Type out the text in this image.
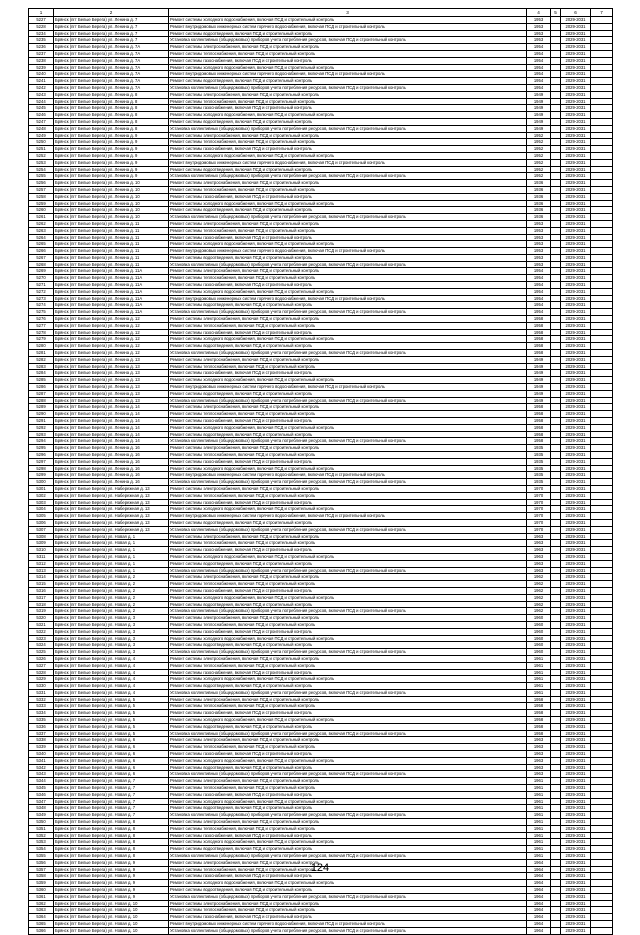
1	2	3	4	5	6	7
5227	Брянск (пгт Белые Берега) ул. Ленина д. 7	Ремонт системы холодного водоснабжения, включая ПСД и строительный контроль	1953		2029-2031	
5228	Брянск (пгт Белые Берега) ул. Ленина д. 7	Ремонт внутридомовых инженерных систем горячего водоснабжения, включая ПСД и строительный контроль	1953		2029-2031	
5234	Брянск (пгт Белые Берега) ул. Ленина д. 7	Ремонт системы водоотведения, включая ПСД и строительный контроль	1953		2029-2031	
5235	Брянск (пгт Белые Берега) ул. Ленина д. 7	Установка коллективных (общедомовых) приборов учета потребления ресурсов, включая ПСД и строительный контроль	1953		2029-2031	
5236	Брянск (пгт Белые Берега) ул. Ленина д. 7А	Ремонт системы электроснабжения, включая ПСД и строительный контроль	1954		2029-2031	
5237	Брянск (пгт Белые Берега) ул. Ленина д. 7А	Ремонт системы теплоснабжения, включая ПСД и строительный контроль	1954		2029-2031	
5238	Брянск (пгт Белые Берега) ул. Ленина д. 7А	Ремонт системы газоснабжения, включая ПСД и строительный контроль	1954		2029-2031	
5239	Брянск (пгт Белые Берега) ул. Ленина д. 7А	Ремонт системы холодного водоснабжения, включая ПСД и строительный контроль	1954		2029-2031	
5240	Брянск (пгт Белые Берега) ул. Ленина д. 7А	Ремонт внутридомовых инженерных систем горячего водоснабжения, включая ПСД и строительный контроль	1954		2029-2031	
5241	Брянск (пгт Белые Берега) ул. Ленина д. 7А	Ремонт системы водоотведения, включая ПСД и строительный контроль	1954		2029-2031	
5242	Брянск (пгт Белые Берега) ул. Ленина д. 7А	Установка коллективных (общедомовых) приборов учета потребления ресурсов, включая ПСД и строительный контроль	1954		2029-2031	
5243	Брянск (пгт Белые Берега) ул. Ленина д. 8	Ремонт системы электроснабжения, включая ПСД и строительный контроль	1949		2029-2031	
5244	Брянск (пгт Белые Берега) ул. Ленина д. 8	Ремонт системы теплоснабжения, включая ПСД и строительный контроль	1949		2029-2031	
5245	Брянск (пгт Белые Берега) ул. Ленина д. 8	Ремонт системы газоснабжения, включая ПСД и строительный контроль	1949		2029-2031	
5246	Брянск (пгт Белые Берега) ул. Ленина д. 8	Ремонт системы холодного водоснабжения, включая ПСД и строительный контроль	1949		2029-2031	
5247	Брянск (пгт Белые Берега) ул. Ленина д. 8	Ремонт системы водоотведения, включая ПСД и строительный контроль	1949		2029-2031	
5248	Брянск (пгт Белые Берега) ул. Ленина д. 8	Установка коллективных (общедомовых) приборов учета потребления ресурсов, включая ПСД и строительный контроль	1949		2029-2031	
5249	Брянск (пгт Белые Берега) ул. Ленина д. 9	Ремонт системы электроснабжения, включая ПСД и строительный контроль	1952		2029-2031	
5250	Брянск (пгт Белые Берега) ул. Ленина д. 9	Ремонт системы теплоснабжения, включая ПСД и строительный контроль	1952		2029-2031	
5251	Брянск (пгт Белые Берега) ул. Ленина д. 9	Ремонт системы газоснабжения, включая ПСД и строительный контроль	1952		2029-2031	
5252	Брянск (пгт Белые Берега) ул. Ленина д. 9	Ремонт системы холодного водоснабжения, включая ПСД и строительный контроль	1952		2029-2031	
5253	Брянск (пгт Белые Берега) ул. Ленина д. 9	Ремонт внутридомовых инженерных систем горячего водоснабжения, включая ПСД и строительный контроль	1952		2029-2031	
5254	Брянск (пгт Белые Берега) ул. Ленина д. 9	Ремонт системы водоотведения, включая ПСД и строительный контроль	1952		2029-2031	
5255	Брянск (пгт Белые Берега) ул. Ленина д. 9	Установка коллективных (общедомовых) приборов учета потребления ресурсов, включая ПСД и строительный контроль	1952		2029-2031	
5256	Брянск (пгт Белые Берега) ул. Ленина д. 10	Ремонт системы электроснабжения, включая ПСД и строительный контроль	1936		2029-2031	
5257	Брянск (пгт Белые Берега) ул. Ленина д. 10	Ремонт системы теплоснабжения, включая ПСД и строительный контроль	1936		2029-2031	
5258	Брянск (пгт Белые Берега) ул. Ленина д. 10	Ремонт системы газоснабжения, включая ПСД и строительный контроль	1936		2029-2031	
5259	Брянск (пгт Белые Берега) ул. Ленина д. 10	Ремонт системы холодного водоснабжения, включая ПСД и строительный контроль	1936		2029-2031	
5260	Брянск (пгт Белые Берега) ул. Ленина д. 10	Ремонт системы водоотведения, включая ПСД и строительный контроль	1936		2029-2031	
5261	Брянск (пгт Белые Берега) ул. Ленина д. 10	Установка коллективных (общедомовых) приборов учета потребления ресурсов, включая ПСД и строительный контроль	1936		2029-2031	
5262	Брянск (пгт Белые Берега) ул. Ленина д. 11	Ремонт системы электроснабжения, включая ПСД и строительный контроль	1953		2029-2031	
5263	Брянск (пгт Белые Берега) ул. Ленина д. 11	Ремонт системы теплоснабжения, включая ПСД и строительный контроль	1953		2029-2031	
5264	Брянск (пгт Белые Берега) ул. Ленина д. 11	Ремонт системы газоснабжения, включая ПСД и строительный контроль	1953		2029-2031	
5265	Брянск (пгт Белые Берега) ул. Ленина д. 11	Ремонт системы холодного водоснабжения, включая ПСД и строительный контроль	1953		2029-2031	
5266	Брянск (пгт Белые Берега) ул. Ленина д. 11	Ремонт внутридомовых инженерных систем горячего водоснабжения, включая ПСД и строительный контроль	1953		2029-2031	
5267	Брянск (пгт Белые Берега) ул. Ленина д. 11	Ремонт системы водоотведения, включая ПСД и строительный контроль	1953		2029-2031	
5268	Брянск (пгт Белые Берега) ул. Ленина д. 11	Установка коллективных (общедомовых) приборов учета потребления ресурсов, включая ПСД и строительный контроль	1953		2029-2031	
5269	Брянск (пгт Белые Берега) ул. Ленина д. 11А	Ремонт системы электроснабжения, включая ПСД и строительный контроль	1954		2029-2031	
5270	Брянск (пгт Белые Берега) ул. Ленина д. 11А	Ремонт системы теплоснабжения, включая ПСД и строительный контроль	1954		2029-2031	
5271	Брянск (пгт Белые Берега) ул. Ленина д. 11А	Ремонт системы газоснабжения, включая ПСД и строительный контроль	1954		2029-2031	
5272	Брянск (пгт Белые Берега) ул. Ленина д. 11А	Ремонт системы холодного водоснабжения, включая ПСД и строительный контроль	1954		2029-2031	
5273	Брянск (пгт Белые Берега) ул. Ленина д. 11А	Ремонт внутридомовых инженерных систем горячего водоснабжения, включая ПСД и строительный контроль	1954		2029-2031	
5274	Брянск (пгт Белые Берега) ул. Ленина д. 11А	Ремонт системы водоотведения, включая ПСД и строительный контроль	1954		2029-2031	
5275	Брянск (пгт Белые Берега) ул. Ленина д. 11А	Установка коллективных (общедомовых) приборов учета потребления ресурсов, включая ПСД и строительный контроль	1954		2029-2031	
5276	Брянск (пгт Белые Берега) ул. Ленина д. 12	Ремонт системы электроснабжения, включая ПСД и строительный контроль	1958		2029-2031	
5277	Брянск (пгт Белые Берега) ул. Ленина д. 12	Ремонт системы теплоснабжения, включая ПСД и строительный контроль	1958		2029-2031	
5278	Брянск (пгт Белые Берега) ул. Ленина д. 12	Ремонт системы газоснабжения, включая ПСД и строительный контроль	1958		2029-2031	
5279	Брянск (пгт Белые Берега) ул. Ленина д. 12	Ремонт системы холодного водоснабжения, включая ПСД и строительный контроль	1958		2029-2031	
5280	Брянск (пгт Белые Берега) ул. Ленина д. 12	Ремонт системы водоотведения, включая ПСД и строительный контроль	1958		2029-2031	
5281	Брянск (пгт Белые Берега) ул. Ленина д. 12	Установка коллективных (общедомовых) приборов учета потребления ресурсов, включая ПСД и строительный контроль	1958		2029-2031	
5282	Брянск (пгт Белые Берега) ул. Ленина д. 13	Ремонт системы электроснабжения, включая ПСД и строительный контроль	1949		2029-2031	
5283	Брянск (пгт Белые Берега) ул. Ленина д. 13	Ремонт системы теплоснабжения, включая ПСД и строительный контроль	1949		2029-2031	
5284	Брянск (пгт Белые Берега) ул. Ленина д. 13	Ремонт системы газоснабжения, включая ПСД и строительный контроль	1949		2029-2031	
5285	Брянск (пгт Белые Берега) ул. Ленина д. 13	Ремонт системы холодного водоснабжения, включая ПСД и строительный контроль	1949		2029-2031	
5286	Брянск (пгт Белые Берега) ул. Ленина д. 13	Ремонт внутридомовых инженерных систем горячего водоснабжения, включая ПСД и строительный контроль	1949		2029-2031	
5287	Брянск (пгт Белые Берега) ул. Ленина д. 13	Ремонт системы водоотведения, включая ПСД и строительный контроль	1949		2029-2031	
5288	Брянск (пгт Белые Берега) ул. Ленина д. 13	Установка коллективных (общедомовых) приборов учета потребления ресурсов, включая ПСД и строительный контроль	1949		2029-2031	
5289	Брянск (пгт Белые Берега) ул. Ленина д. 14	Ремонт системы электроснабжения, включая ПСД и строительный контроль	1958		2029-2031	
5290	Брянск (пгт Белые Берега) ул. Ленина д. 14	Ремонт системы теплоснабжения, включая ПСД и строительный контроль	1958		2029-2031	
5291	Брянск (пгт Белые Берега) ул. Ленина д. 14	Ремонт системы газоснабжения, включая ПСД и строительный контроль	1958		2029-2031	
5292	Брянск (пгт Белые Берега) ул. Ленина д. 14	Ремонт системы холодного водоснабжения, включая ПСД и строительный контроль	1958		2029-2031	
5293	Брянск (пгт Белые Берега) ул. Ленина д. 14	Ремонт системы водоотведения, включая ПСД и строительный контроль	1958		2029-2031	
5294	Брянск (пгт Белые Берега) ул. Ленина д. 14	Установка коллективных (общедомовых) приборов учета потребления ресурсов, включая ПСД и строительный контроль	1958		2029-2031	
5295	Брянск (пгт Белые Берега) ул. Ленина д. 16	Ремонт системы электроснабжения, включая ПСД и строительный контроль	1935		2029-2031	
5296	Брянск (пгт Белые Берега) ул. Ленина д. 16	Ремонт системы теплоснабжения, включая ПСД и строительный контроль	1935		2029-2031	
5297	Брянск (пгт Белые Берега) ул. Ленина д. 16	Ремонт системы газоснабжения, включая ПСД и строительный контроль	1935		2029-2031	
5298	Брянск (пгт Белые Берега) ул. Ленина д. 16	Ремонт системы холодного водоснабжения, включая ПСД и строительный контроль	1935		2029-2031	
5299	Брянск (пгт Белые Берега) ул. Ленина д. 16	Ремонт внутридомовых инженерных систем горячего водоснабжения, включая ПСД и строительный контроль	1935		2029-2031	
5300	Брянск (пгт Белые Берега) ул. Ленина д. 16	Установка коллективных (общедомовых) приборов учета потребления ресурсов, включая ПСД и строительный контроль	1935		2029-2031	
5301	Брянск (пгт Белые Берега) ул. Набережная д. 13	Ремонт системы электроснабжения, включая ПСД и строительный контроль	1970		2029-2031	
5302	Брянск (пгт Белые Берега) ул. Набережная д. 13	Ремонт системы теплоснабжения, включая ПСД и строительный контроль	1970		2029-2031	
5303	Брянск (пгт Белые Берега) ул. Набережная д. 13	Ремонт системы газоснабжения, включая ПСД и строительный контроль	1970		2029-2031	
5304	Брянск (пгт Белые Берега) ул. Набережная д. 13	Ремонт системы холодного водоснабжения, включая ПСД и строительный контроль	1970		2029-2031	
5305	Брянск (пгт Белые Берега) ул. Набережная д. 13	Ремонт внутридомовых инженерных систем горячего водоснабжения, включая ПСД и строительный контроль	1970		2029-2031	
5306	Брянск (пгт Белые Берега) ул. Набережная д. 13	Ремонт системы водоотведения, включая ПСД и строительный контроль	1970		2029-2031	
5307	Брянск (пгт Белые Берега) ул. Набережная д. 13	Установка коллективных (общедомовых) приборов учета потребления ресурсов, включая ПСД и строительный контроль	1970		2029-2031	
5308	Брянск (пгт Белые Берега) ул. Новая д. 1	Ремонт системы электроснабжения, включая ПСД и строительный контроль	1963		2029-2031	
5309	Брянск (пгт Белые Берега) ул. Новая д. 1	Ремонт системы теплоснабжения, включая ПСД и строительный контроль	1963		2029-2031	
5310	Брянск (пгт Белые Берега) ул. Новая д. 1	Ремонт системы газоснабжения, включая ПСД и строительный контроль	1963		2029-2031	
5311	Брянск (пгт Белые Берега) ул. Новая д. 1	Ремонт системы холодного водоснабжения, включая ПСД и строительный контроль	1963		2029-2031	
5312	Брянск (пгт Белые Берега) ул. Новая д. 1	Ремонт системы водоотведения, включая ПСД и строительный контроль	1963		2029-2031	
5313	Брянск (пгт Белые Берега) ул. Новая д. 1	Установка коллективных (общедомовых) приборов учета потребления ресурсов, включая ПСД и строительный контроль	1963		2029-2031	
5314	Брянск (пгт Белые Берега) ул. Новая д. 2	Ремонт системы электроснабжения, включая ПСД и строительный контроль	1962		2029-2031	
5315	Брянск (пгт Белые Берега) ул. Новая д. 2	Ремонт системы теплоснабжения, включая ПСД и строительный контроль	1962		2029-2031	
5316	Брянск (пгт Белые Берега) ул. Новая д. 2	Ремонт системы газоснабжения, включая ПСД и строительный контроль	1962		2029-2031	
5317	Брянск (пгт Белые Берега) ул. Новая д. 2	Ремонт системы холодного водоснабжения, включая ПСД и строительный контроль	1962		2029-2031	
5318	Брянск (пгт Белые Берега) ул. Новая д. 2	Ремонт системы водоотведения, включая ПСД и строительный контроль	1962		2029-2031	
5319	Брянск (пгт Белые Берега) ул. Новая д. 2	Установка коллективных (общедомовых) приборов учета потребления ресурсов, включая ПСД и строительный контроль	1962		2029-2031	
5320	Брянск (пгт Белые Берега) ул. Новая д. 3	Ремонт системы электроснабжения, включая ПСД и строительный контроль	1960		2029-2031	
5321	Брянск (пгт Белые Берега) ул. Новая д. 3	Ремонт системы теплоснабжения, включая ПСД и строительный контроль	1960		2029-2031	
5322	Брянск (пгт Белые Берега) ул. Новая д. 3	Ремонт системы газоснабжения, включая ПСД и строительный контроль	1960		2029-2031	
5323	Брянск (пгт Белые Берега) ул. Новая д. 3	Ремонт системы холодного водоснабжения, включая ПСД и строительный контроль	1960		2029-2031	
5324	Брянск (пгт Белые Берега) ул. Новая д. 3	Ремонт системы водоотведения, включая ПСД и строительный контроль	1960		2029-2031	
5325	Брянск (пгт Белые Берега) ул. Новая д. 3	Установка коллективных (общедомовых) приборов учета потребления ресурсов, включая ПСД и строительный контроль	1960		2029-2031	
5326	Брянск (пгт Белые Берега) ул. Новая д. 4	Ремонт системы электроснабжения, включая ПСД и строительный контроль	1961		2029-2031	
5327	Брянск (пгт Белые Берега) ул. Новая д. 4	Ремонт системы теплоснабжения, включая ПСД и строительный контроль	1961		2029-2031	
5328	Брянск (пгт Белые Берега) ул. Новая д. 4	Ремонт системы газоснабжения, включая ПСД и строительный контроль	1961		2029-2031	
5329	Брянск (пгт Белые Берега) ул. Новая д. 4	Ремонт системы холодного водоснабжения, включая ПСД и строительный контроль	1961		2029-2031	
5330	Брянск (пгт Белые Берега) ул. Новая д. 4	Ремонт системы водоотведения, включая ПСД и строительный контроль	1961		2029-2031	
5331	Брянск (пгт Белые Берега) ул. Новая д. 4	Установка коллективных (общедомовых) приборов учета потребления ресурсов, включая ПСД и строительный контроль	1961		2029-2031	
5332	Брянск (пгт Белые Берега) ул. Новая д. 5	Ремонт системы электроснабжения, включая ПСД и строительный контроль	1958		2029-2031	
5333	Брянск (пгт Белые Берега) ул. Новая д. 5	Ремонт системы теплоснабжения, включая ПСД и строительный контроль	1958		2029-2031	
5334	Брянск (пгт Белые Берега) ул. Новая д. 5	Ремонт системы газоснабжения, включая ПСД и строительный контроль	1958		2029-2031	
5335	Брянск (пгт Белые Берега) ул. Новая д. 5	Ремонт системы холодного водоснабжения, включая ПСД и строительный контроль	1958		2029-2031	
5336	Брянск (пгт Белые Берега) ул. Новая д. 5	Ремонт системы водоотведения, включая ПСД и строительный контроль	1958		2029-2031	
5337	Брянск (пгт Белые Берега) ул. Новая д. 5	Установка коллективных (общедомовых) приборов учета потребления ресурсов, включая ПСД и строительный контроль	1958		2029-2031	
5338	Брянск (пгт Белые Берега) ул. Новая д. 6	Ремонт системы электроснабжения, включая ПСД и строительный контроль	1963		2029-2031	
5339	Брянск (пгт Белые Берега) ул. Новая д. 6	Ремонт системы теплоснабжения, включая ПСД и строительный контроль	1963		2029-2031	
5340	Брянск (пгт Белые Берега) ул. Новая д. 6	Ремонт системы газоснабжения, включая ПСД и строительный контроль	1963		2029-2031	
5341	Брянск (пгт Белые Берега) ул. Новая д. 6	Ремонт системы холодного водоснабжения, включая ПСД и строительный контроль	1963		2029-2031	
5342	Брянск (пгт Белые Берега) ул. Новая д. 6	Ремонт системы водоотведения, включая ПСД и строительный контроль	1963		2029-2031	
5343	Брянск (пгт Белые Берега) ул. Новая д. 6	Установка коллективных (общедомовых) приборов учета потребления ресурсов, включая ПСД и строительный контроль	1963		2029-2031	
5344	Брянск (пгт Белые Берега) ул. Новая д. 7	Ремонт системы электроснабжения, включая ПСД и строительный контроль	1961		2029-2031	
5345	Брянск (пгт Белые Берега) ул. Новая д. 7	Ремонт системы теплоснабжения, включая ПСД и строительный контроль	1961		2029-2031	
5346	Брянск (пгт Белые Берега) ул. Новая д. 7	Ремонт системы газоснабжения, включая ПСД и строительный контроль	1961		2029-2031	
5347	Брянск (пгт Белые Берега) ул. Новая д. 7	Ремонт системы холодного водоснабжения, включая ПСД и строительный контроль	1961		2029-2031	
5348	Брянск (пгт Белые Берега) ул. Новая д. 7	Ремонт системы водоотведения, включая ПСД и строительный контроль	1961		2029-2031	
5349	Брянск (пгт Белые Берега) ул. Новая д. 7	Установка коллективных (общедомовых) приборов учета потребления ресурсов, включая ПСД и строительный контроль	1961		2029-2031	
5350	Брянск (пгт Белые Берега) ул. Новая д. 8	Ремонт системы электроснабжения, включая ПСД и строительный контроль	1961		2029-2031	
5351	Брянск (пгт Белые Берега) ул. Новая д. 8	Ремонт системы теплоснабжения, включая ПСД и строительный контроль	1961		2029-2031	
5352	Брянск (пгт Белые Берега) ул. Новая д. 8	Ремонт системы газоснабжения, включая ПСД и строительный контроль	1961		2029-2031	
5353	Брянск (пгт Белые Берега) ул. Новая д. 8	Ремонт системы холодного водоснабжения, включая ПСД и строительный контроль	1961		2029-2031	
5354	Брянск (пгт Белые Берега) ул. Новая д. 8	Ремонт системы водоотведения, включая ПСД и строительный контроль	1961		2029-2031	
5355	Брянск (пгт Белые Берега) ул. Новая д. 8	Установка коллективных (общедомовых) приборов учета потребления ресурсов, включая ПСД и строительный контроль	1961		2029-2031	
5356	Брянск (пгт Белые Берега) ул. Новая д. 9	Ремонт системы электроснабжения, включая ПСД и строительный контроль	1964		2029-2031	
5357	Брянск (пгт Белые Берега) ул. Новая д. 9	Ремонт системы теплоснабжения, включая ПСД и строительный контроль	1964		2029-2031	
5358	Брянск (пгт Белые Берега) ул. Новая д. 9	Ремонт системы газоснабжения, включая ПСД и строительный контроль	1964		2029-2031	
5359	Брянск (пгт Белые Берега) ул. Новая д. 9	Ремонт системы холодного водоснабжения, включая ПСД и строительный контроль	1964		2029-2031	
5360	Брянск (пгт Белые Берега) ул. Новая д. 9	Ремонт системы водоотведения, включая ПСД и строительный контроль	1964		2029-2031	
5361	Брянск (пгт Белые Берега) ул. Новая д. 9	Установка коллективных (общедомовых) приборов учета потребления ресурсов, включая ПСД и строительный контроль	1964		2029-2031	
5362	Брянск (пгт Белые Берега) ул. Новая д. 10	Ремонт системы электроснабжения, включая ПСД и строительный контроль	1964		2029-2031	
5363	Брянск (пгт Белые Берега) ул. Новая д. 10	Ремонт системы теплоснабжения, включая ПСД и строительный контроль	1964		2029-2031	
5364	Брянск (пгт Белые Берега) ул. Новая д. 10	Ремонт системы газоснабжения, включая ПСД и строительный контроль	1964		2029-2031	
5365	Брянск (пгт Белые Берега) ул. Новая д. 10	Ремонт внутридомовых инженерных систем горячего водоснабжения, включая ПСД и строительный контроль	1964		2029-2031	
5366	Брянск (пгт Белые Берега) ул. Новая д. 10	Установка коллективных (общедомовых) приборов учета потребления ресурсов, включая ПСД и строительный контроль	1964		2029-2031	
124
